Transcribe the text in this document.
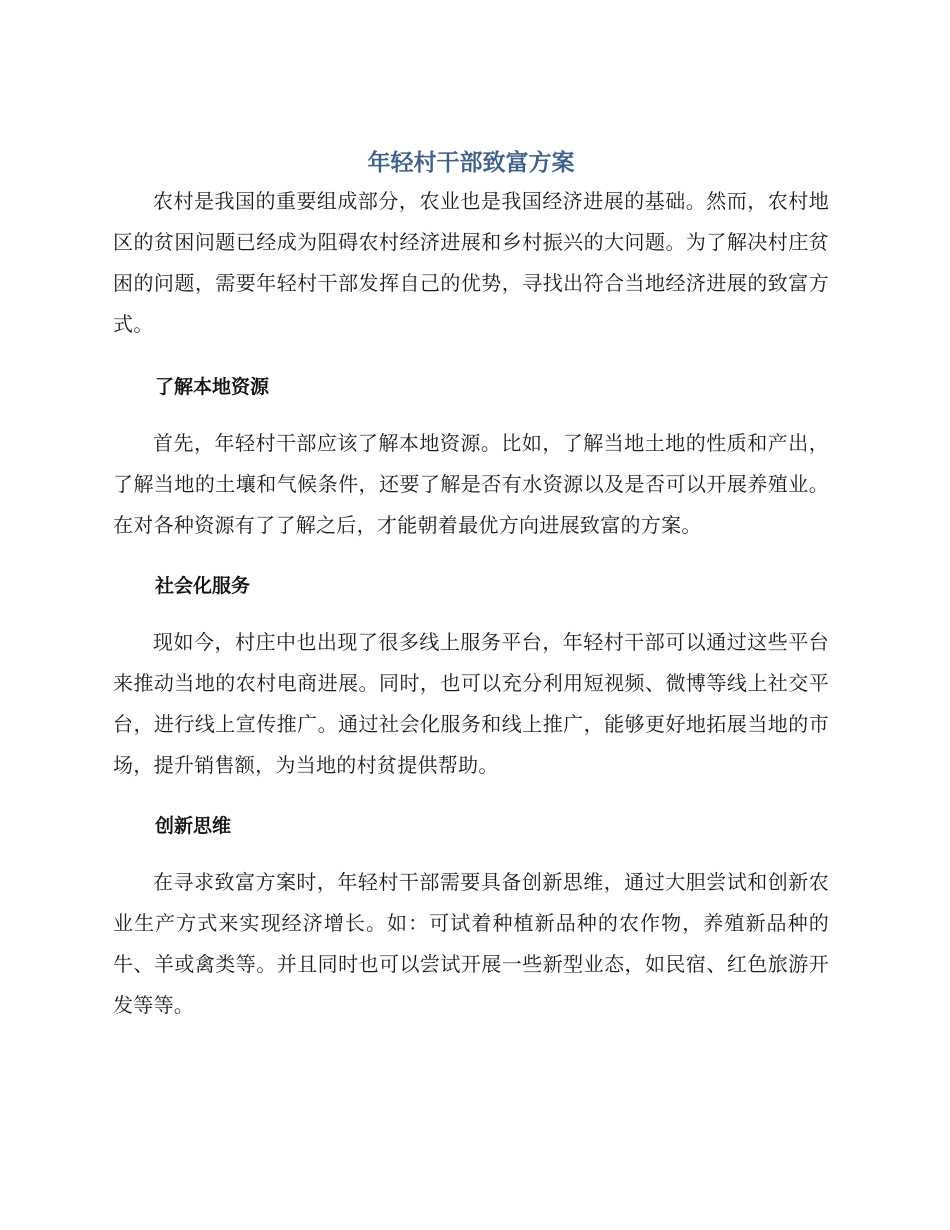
年轻村干部致富方案

农村是我国的重要组成部分，农业也是我国经济进展的基础。然而，农村地区的贫困问题已经成为阻碍农村经济进展和乡村振兴的大问题。为了解决村庄贫困的问题，需要年轻村干部发挥自己的优势，寻找出符合当地经济进展的致富方式。

了解本地资源

首先，年轻村干部应该了解本地资源。比如，了解当地土地的性质和产出，了解当地的土壤和气候条件，还要了解是否有水资源以及是否可以开展养殖业。在对各种资源有了了解之后，才能朝着最优方向进展致富的方案。

社会化服务

现如今，村庄中也出现了很多线上服务平台，年轻村干部可以通过这些平台来推动当地的农村电商进展。同时，也可以充分利用短视频、微博等线上社交平台，进行线上宣传推广。通过社会化服务和线上推广，能够更好地拓展当地的市场，提升销售额，为当地的村贫提供帮助。

创新思维

在寻求致富方案时，年轻村干部需要具备创新思维，通过大胆尝试和创新农业生产方式来实现经济增长。如：可试着种植新品种的农作物，养殖新品种的牛、羊或禽类等。并且同时也可以尝试开展一些新型业态，如民宿、红色旅游开发等等。
